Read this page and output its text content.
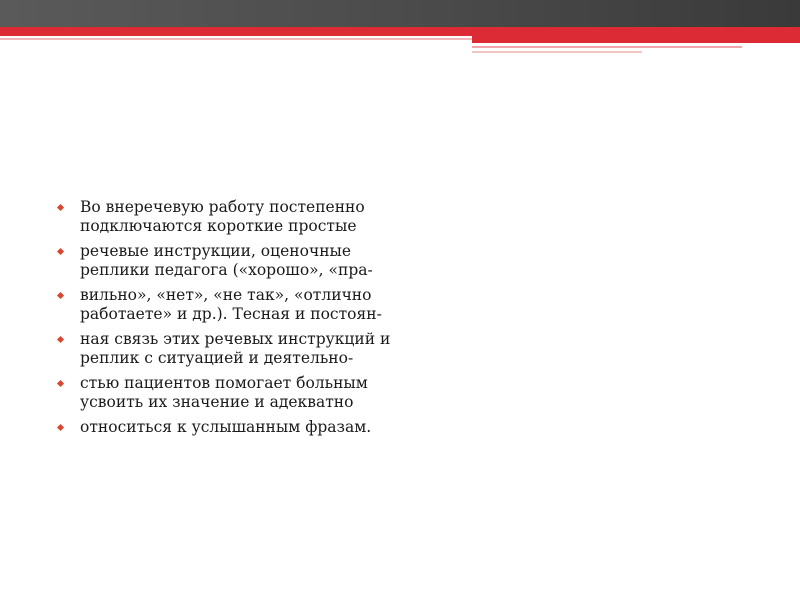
Во внеречевую работу постепенно подключаются короткие простые
речевые инструкции, оценочные реплики педагога («хорошо», «пра-
вильно», «нет», «не так», «отлично работаете» и др.). Тесная и постоян-
ная связь этих речевых инструкций и реплик с ситуацией и деятельно-
стью пациентов помогает больным усвоить их значение и адекватно
относиться к услышанным фразам.
